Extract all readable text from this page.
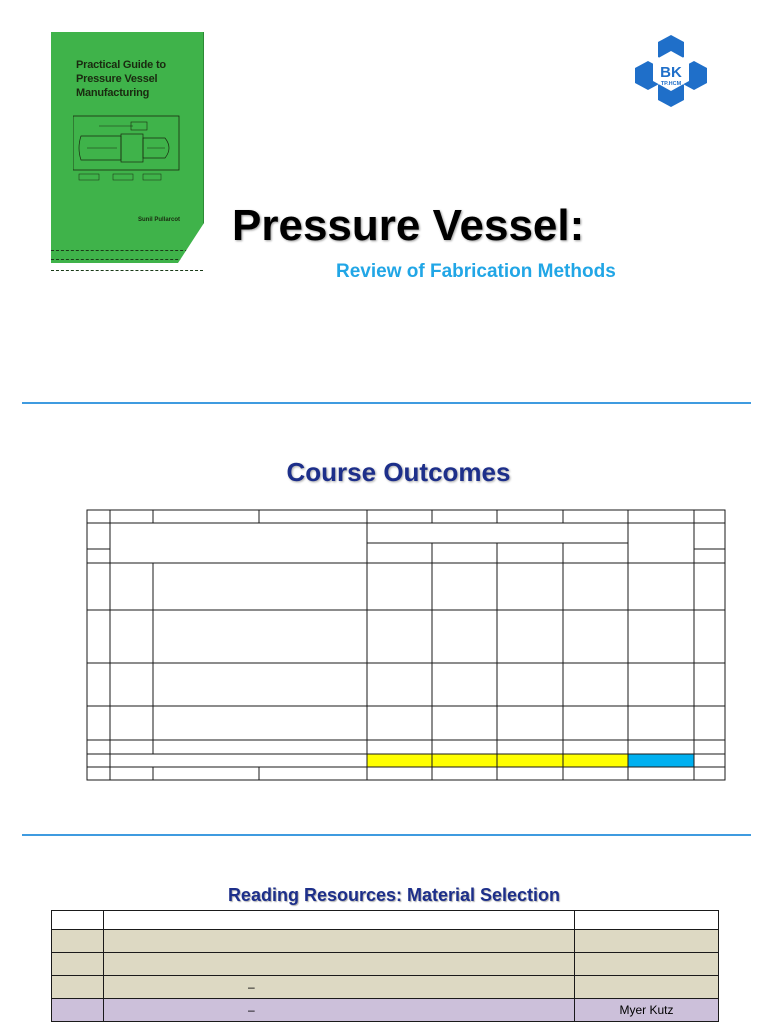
Practical Guide to Pressure Vessel Manufacturing
Sunil Pullarcot
BK
TP.HCM
Pressure Vessel:
Review of Fabrication Methods
Course Outcomes
Reading Resources: Material Selection

	–	
	–	Myer Kutz
